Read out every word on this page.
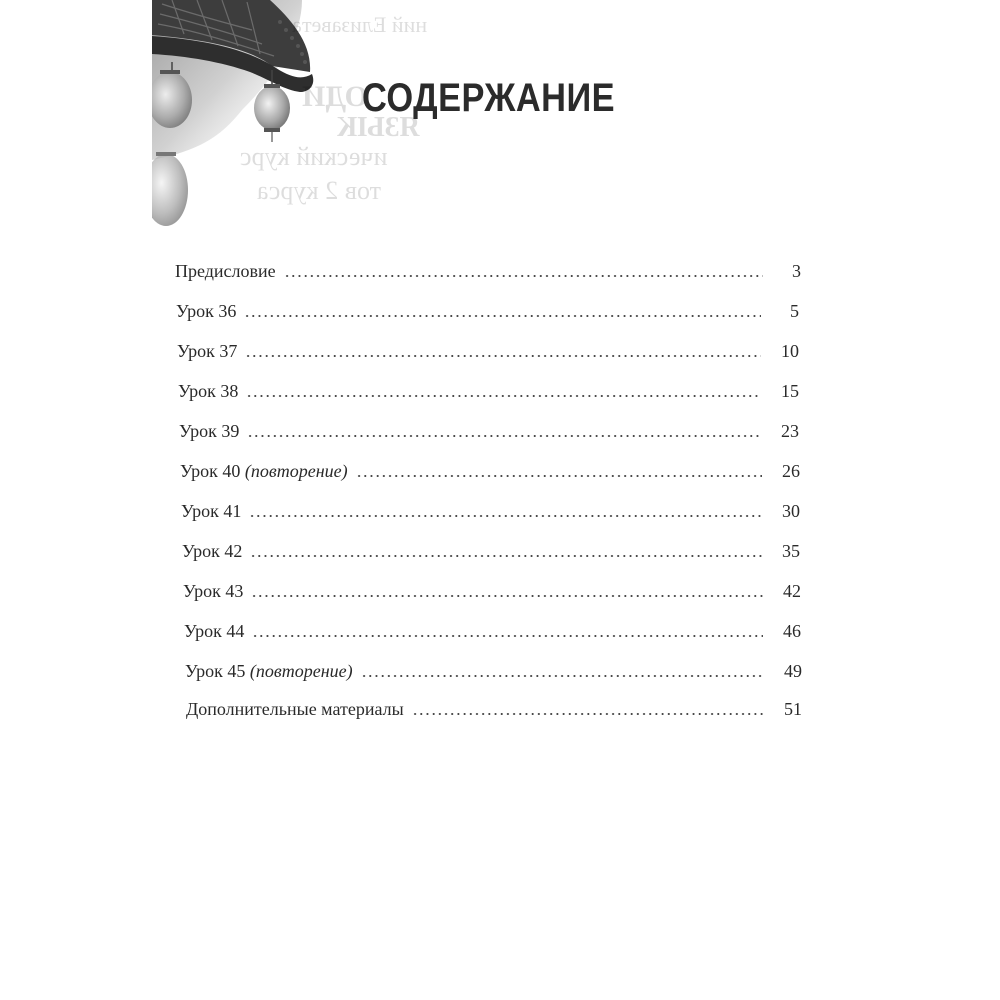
ний Елизавета
ОДИ
ЯЗЫК
ический курс
тов 2 курса
СОДЕРЖАНИЕ
Предисловие	3
Урок 36	5
Урок 37	10
Урок 38	15
Урок 39	23
Урок 40 (повторение)	26
Урок 41	30
Урок 42	35
Урок 43	42
Урок 44	46
Урок 45 (повторение)	49
Дополнительные материалы	51
